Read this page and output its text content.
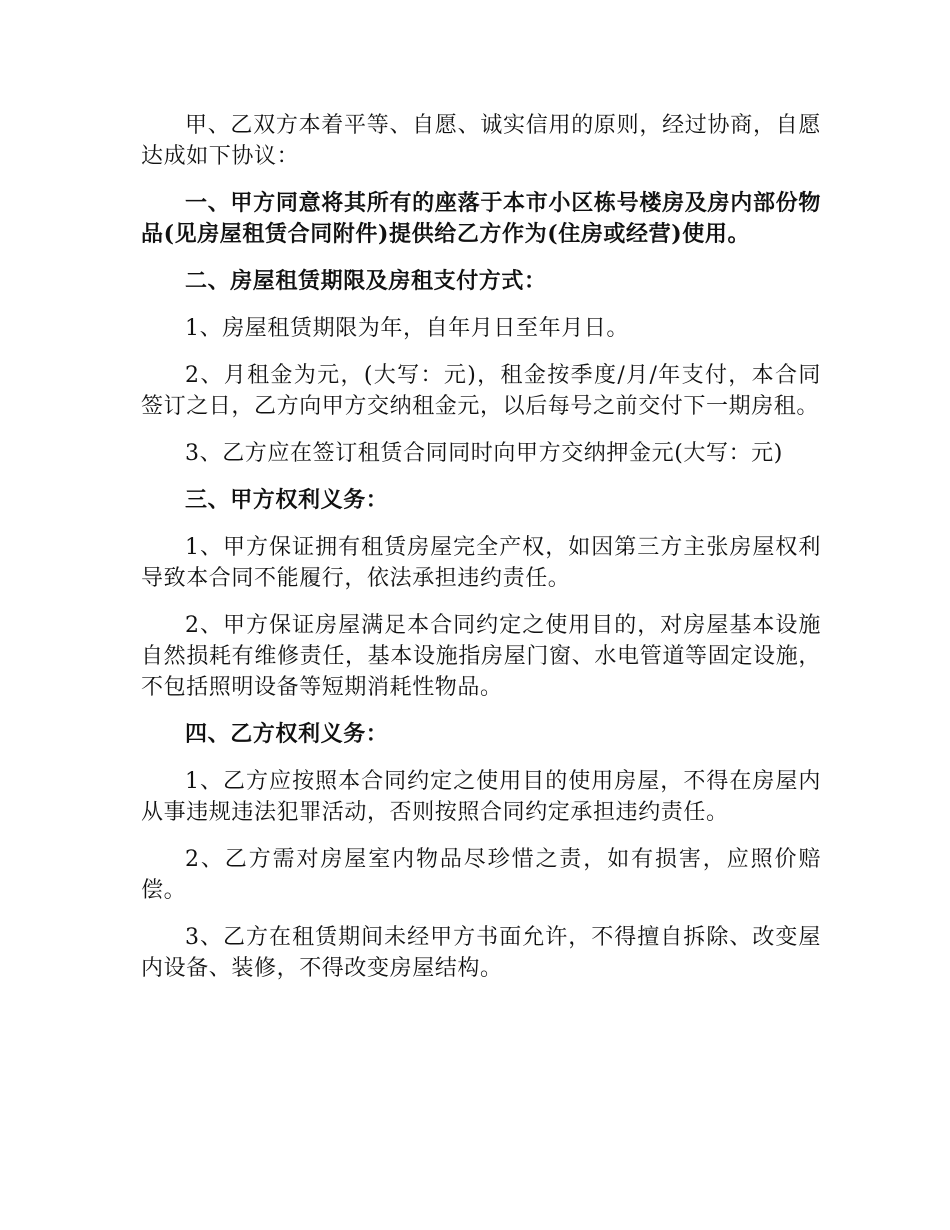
甲、乙双方本着平等、自愿、诚实信用的原则，经过协商，自愿达成如下协议：

一、甲方同意将其所有的座落于本市小区栋号楼房及房内部份物品(见房屋租赁合同附件)提供给乙方作为(住房或经营)使用。

二、房屋租赁期限及房租支付方式：

1、房屋租赁期限为年，自年月日至年月日。

2、月租金为元，(大写：元)，租金按季度/月/年支付，本合同签订之日，乙方向甲方交纳租金元，以后每号之前交付下一期房租。

3、乙方应在签订租赁合同同时向甲方交纳押金元(大写：元)

三、甲方权利义务：

1、甲方保证拥有租赁房屋完全产权，如因第三方主张房屋权利导致本合同不能履行，依法承担违约责任。

2、甲方保证房屋满足本合同约定之使用目的，对房屋基本设施自然损耗有维修责任，基本设施指房屋门窗、水电管道等固定设施，不包括照明设备等短期消耗性物品。

四、乙方权利义务：

1、乙方应按照本合同约定之使用目的使用房屋，不得在房屋内从事违规违法犯罪活动，否则按照合同约定承担违约责任。

2、乙方需对房屋室内物品尽珍惜之责，如有损害，应照价赔偿。

3、乙方在租赁期间未经甲方书面允许，不得擅自拆除、改变屋内设备、装修，不得改变房屋结构。
